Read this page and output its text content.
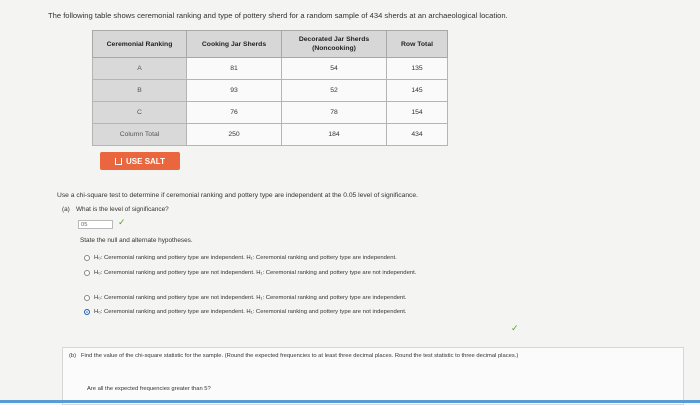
The following table shows ceremonial ranking and type of pottery sherd for a random sample of 434 sherds at an archaeological location.
Ceremonial Ranking	Cooking Jar Sherds	Decorated Jar Sherds (Noncooking)	Row Total
A	81	54	135
B	93	52	145
C	76	78	154
Column Total	250	184	434
USE SALT
Use a chi-square test to determine if ceremonial ranking and pottery type are independent at the 0.05 level of significance.
(a) What is the level of significance?
05	✓
State the null and alternate hypotheses.
H₀: Ceremonial ranking and pottery type are independent. H₁: Ceremonial ranking and pottery type are independent.
H₀: Ceremonial ranking and pottery type are not independent. H₁: Ceremonial ranking and pottery type are not independent.
H₀: Ceremonial ranking and pottery type are not independent. H₁: Ceremonial ranking and pottery type are independent.
H₀: Ceremonial ranking and pottery type are independent. H₁: Ceremonial ranking and pottery type are not independent.
✓
(b) Find the value of the chi-square statistic for the sample. (Round the expected frequencies to at least three decimal places. Round the test statistic to three decimal places.)
Are all the expected frequencies greater than 5?
